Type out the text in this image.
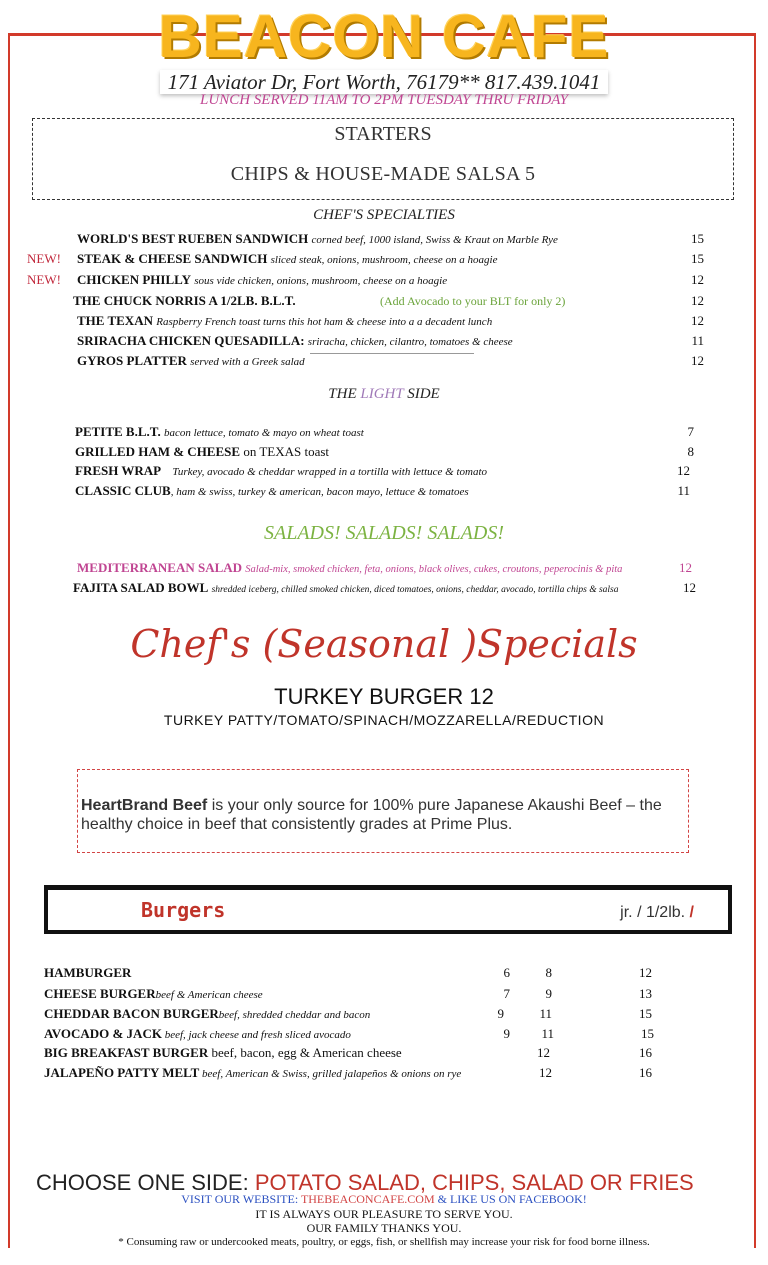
BEACON CAFE
171 Aviator Dr, Fort Worth, 76179** 817.439.1041
LUNCH SERVED 11AM TO 2PM TUESDAY THRU FRIDAY
STARTERS
CHIPS & HOUSE-MADE SALSA 5
CHEF'S SPECIALTIES
WORLD'S BEST RUEBEN SANDWICH corned beef, 1000 island, Swiss & Kraut on Marble Rye	15
NEW! STEAK & CHEESE SANDWICH sliced steak, onions, mushroom, cheese on a hoagie	15
NEW! CHICKEN PHILLY sous vide chicken, onions, mushroom, cheese on a hoagie	12
THE CHUCK NORRIS A 1/2LB. B.L.T.	(Add Avocado to your BLT for only 2)	12
THE TEXAN Raspberry French toast turns this hot ham & cheese into a a decadent lunch	12
SRIRACHA CHICKEN QUESADILLA: sriracha, chicken, cilantro, tomatoes & cheese	11
GYROS PLATTER served with a Greek salad	12
THE LIGHT SIDE
PETITE B.L.T. bacon lettuce, tomato & mayo on wheat toast	7
GRILLED HAM & CHEESE on TEXAS toast	8
FRESH WRAP Turkey, avocado & cheddar wrapped in a tortilla with lettuce & tomato	12
CLASSIC CLUB, ham & swiss, turkey & american, bacon mayo, lettuce & tomatoes	11
SALADS! SALADS! SALADS!
MEDITERRANEAN SALAD Salad-mix, smoked chicken, feta, onions, black olives, cukes, croutons, peperocinis & pita	12
FAJITA SALAD BOWL shredded iceberg, chilled smoked chicken, diced tomatoes, onions, cheddar, avocado, tortilla chips & salsa	12
Chef's (Seasonal )Specials
TURKEY BURGER 12
TURKEY PATTY/TOMATO/SPINACH/MOZZARELLA/REDUCTION
HeartBrand Beef is your only source for 100% pure Japanese Akaushi Beef – the healthy choice in beef that consistently grades at Prime Plus.
Burgers	jr. / 1/2lb. /
HAMBURGER	6	8	12
CHEESE BURGERbeef & American cheese	7	9	13
CHEDDAR BACON BURGERbeef, shredded cheddar and bacon	9	11	15
AVOCADO & JACK beef, jack cheese and fresh sliced avocado	9	11	15
BIG BREAKFAST BURGER beef, bacon, egg & American cheese	12	16
JALAPEÑO PATTY MELT beef, American & Swiss, grilled jalapeños & onions on rye	12	16
CHOOSE ONE SIDE: POTATO SALAD, CHIPS, SALAD OR FRIES
VISIT OUR WEBSITE: THEBEACONCAFE.COM & LIKE US ON FACEBOOK!
IT IS ALWAYS OUR PLEASURE TO SERVE YOU.
OUR FAMILY THANKS YOU.
* Consuming raw or undercooked meats, poultry, or eggs, fish, or shellfish may increase your risk for food borne illness.
